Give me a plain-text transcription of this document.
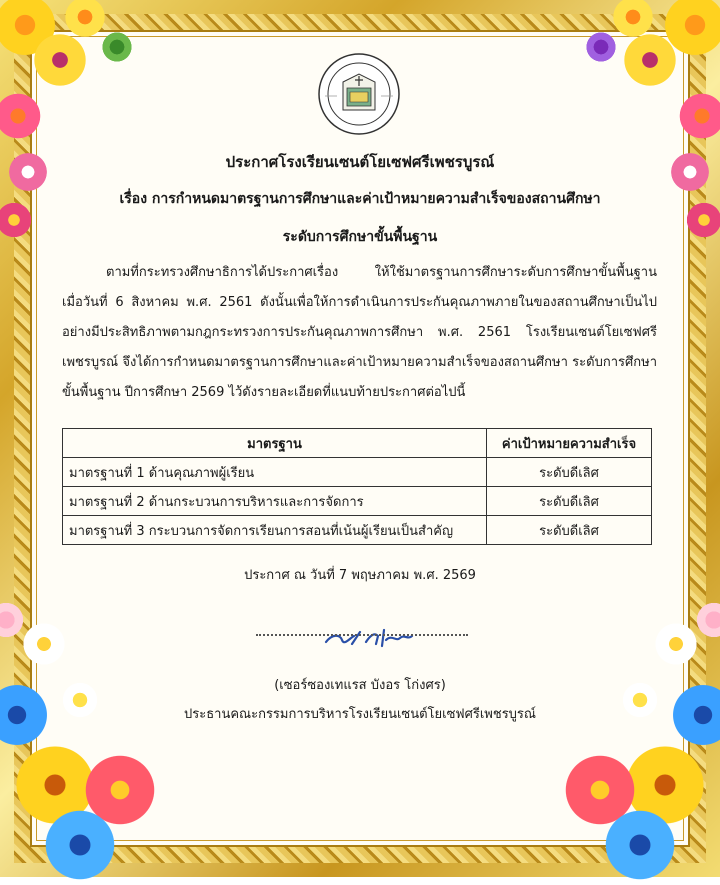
ประกาศโรงเรียนเซนต์โยเซฟศรีเพชรบูรณ์
เรื่อง การกำหนดมาตรฐานการศึกษาและค่าเป้าหมายความสำเร็จของสถานศึกษา
ระดับการศึกษาขั้นพื้นฐาน
ตามที่กระทรวงศึกษาธิการได้ประกาศเรื่อง ให้ใช้มาตรฐานการศึกษาระดับการศึกษาขั้นพื้นฐาน
เมื่อวันที่ 6 สิงหาคม พ.ศ. 2561 ดังนั้นเพื่อให้การดำเนินการประกันคุณภาพภายในของสถานศึกษาเป็นไป
อย่างมีประสิทธิภาพตามกฎกระทรวงการประกันคุณภาพการศึกษา พ.ศ. 2561 โรงเรียนเซนต์โยเซฟศรี
เพชรบูรณ์ จึงได้การกำหนดมาตรฐานการศึกษาและค่าเป้าหมายความสำเร็จของสถานศึกษา ระดับการศึกษา
ขั้นพื้นฐาน ปีการศึกษา 2569 ไว้ดังรายละเอียดที่แนบท้ายประกาศต่อไปนี้
มาตรฐาน	ค่าเป้าหมายความสำเร็จ
มาตรฐานที่ 1 ด้านคุณภาพผู้เรียน	ระดับดีเลิศ
มาตรฐานที่ 2 ด้านกระบวนการบริหารและการจัดการ	ระดับดีเลิศ
มาตรฐานที่ 3 กระบวนการจัดการเรียนการสอนที่เน้นผู้เรียนเป็นสำคัญ	ระดับดีเลิศ
ประกาศ ณ วันที่ 7 พฤษภาคม พ.ศ. 2569
(เซอร์ซองเทแรส บังอร โก่งศร)
ประธานคณะกรรมการบริหารโรงเรียนเซนต์โยเซฟศรีเพชรบูรณ์
